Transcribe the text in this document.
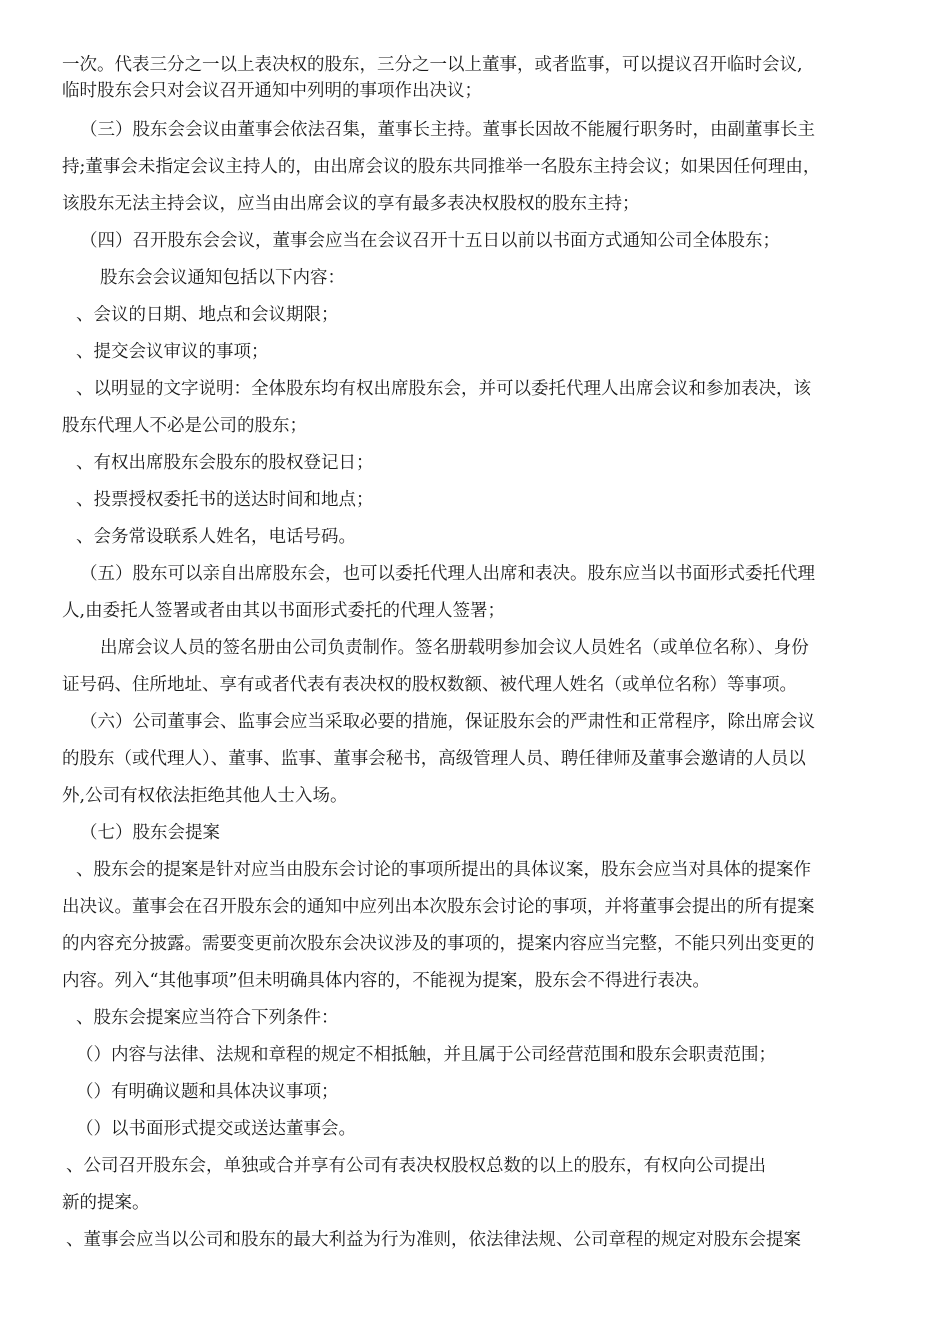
一次。代表三分之一以上表决权的股东，三分之一以上董事，或者监事，可以提议召开临时会议,

临时股东会只对会议召开通知中列明的事项作出决议；

（三）股东会会议由董事会依法召集，董事长主持。董事长因故不能履行职务时，由副董事长主

持;董事会未指定会议主持人的，由出席会议的股东共同推举一名股东主持会议；如果因任何理由，

该股东无法主持会议，应当由出席会议的享有最多表决权股权的股东主持；

（四）召开股东会会议，董事会应当在会议召开十五日以前以书面方式通知公司全体股东；

股东会会议通知包括以下内容：

、会议的日期、地点和会议期限；

、提交会议审议的事项；

、以明显的文字说明：全体股东均有权出席股东会，并可以委托代理人出席会议和参加表决，该

股东代理人不必是公司的股东；

、有权出席股东会股东的股权登记日；

、投票授权委托书的送达时间和地点；

、会务常设联系人姓名，电话号码。

（五）股东可以亲自出席股东会，也可以委托代理人出席和表决。股东应当以书面形式委托代理

人,由委托人签署或者由其以书面形式委托的代理人签署；

出席会议人员的签名册由公司负责制作。签名册载明参加会议人员姓名（或单位名称）、身份

证号码、住所地址、享有或者代表有表决权的股权数额、被代理人姓名（或单位名称）等事项。

（六）公司董事会、监事会应当采取必要的措施，保证股东会的严肃性和正常程序，除出席会议

的股东（或代理人）、董事、监事、董事会秘书，高级管理人员、聘任律师及董事会邀请的人员以

外,公司有权依法拒绝其他人士入场。

（七）股东会提案

、股东会的提案是针对应当由股东会讨论的事项所提出的具体议案，股东会应当对具体的提案作

出决议。董事会在召开股东会的通知中应列出本次股东会讨论的事项，并将董事会提出的所有提案

的内容充分披露。需要变更前次股东会决议涉及的事项的，提案内容应当完整，不能只列出变更的

内容。列入“其他事项”但未明确具体内容的，不能视为提案，股东会不得进行表决。

、股东会提案应当符合下列条件：

（）内容与法律、法规和章程的规定不相抵触，并且属于公司经营范围和股东会职责范围；

（）有明确议题和具体决议事项；

（）以书面形式提交或送达董事会。

、公司召开股东会，单独或合并享有公司有表决权股权总数的以上的股东，有权向公司提出

新的提案。

、董事会应当以公司和股东的最大利益为行为准则，依法律法规、公司章程的规定对股东会提案
